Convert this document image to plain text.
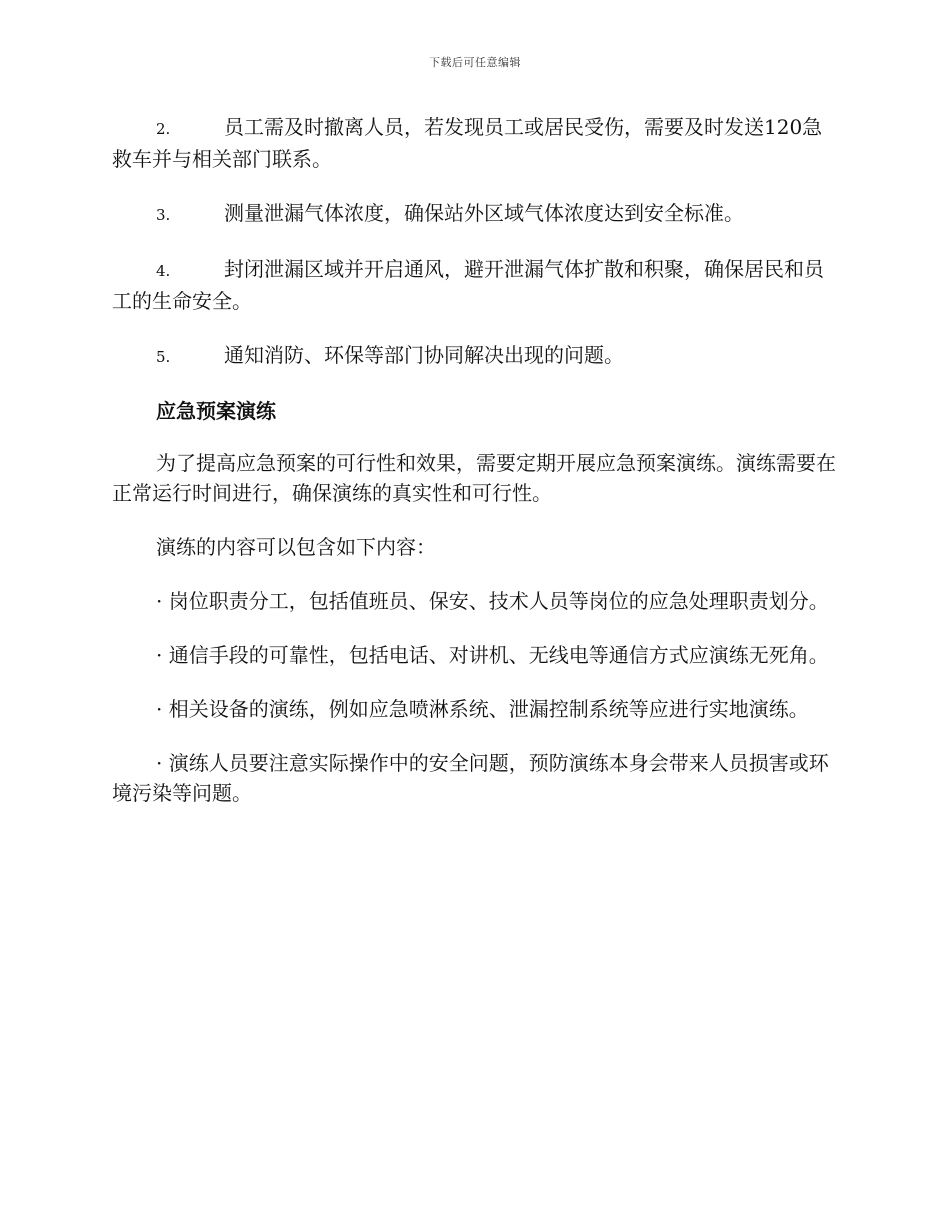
下载后可任意编辑

2.	员工需及时撤离人员，若发现员工或居民受伤，需要及时发送120急救车并与相关部门联系。

3.	测量泄漏气体浓度，确保站外区域气体浓度达到安全标准。

4.	封闭泄漏区域并开启通风，避开泄漏气体扩散和积聚，确保居民和员工的生命安全。

5.	通知消防、环保等部门协同解决出现的问题。

应急预案演练

为了提高应急预案的可行性和效果，需要定期开展应急预案演练。演练需要在正常运行时间进行，确保演练的真实性和可行性。

演练的内容可以包含如下内容：

· 岗位职责分工，包括值班员、保安、技术人员等岗位的应急处理职责划分。

· 通信手段的可靠性，包括电话、对讲机、无线电等通信方式应演练无死角。

· 相关设备的演练，例如应急喷淋系统、泄漏控制系统等应进行实地演练。

· 演练人员要注意实际操作中的安全问题，预防演练本身会带来人员损害或环境污染等问题。
